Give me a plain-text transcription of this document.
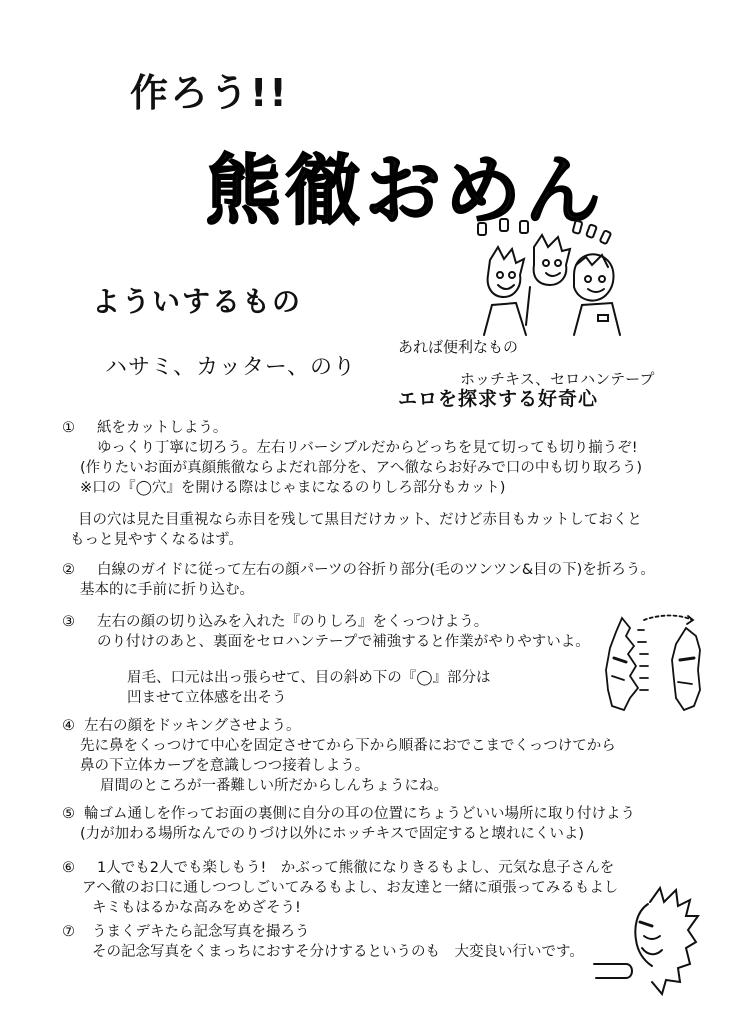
作ろう!!
熊徹おめん
よういするもの
ハサミ、カッター、のり
あれば便利なもの
ホッチキス、セロハンテープ
エロを探求する好奇心
① 紙をカットしよう。
ゆっくり丁寧に切ろう。左右リバーシブルだからどっちを見て切っても切り揃うぞ!
(作りたいお面が真顔熊徹ならよだれ部分を、アへ徹ならお好みで口の中も切り取ろう)
※口の『◯穴』を開ける際はじゃまになるのりしろ部分もカット)
目の穴は見た目重視なら赤目を残して黒目だけカット、だけど赤目もカットしておくと
もっと見やすくなるはず。
② 白線のガイドに従って左右の顔パーツの谷折り部分(毛のツンツン&目の下)を折ろう。
基本的に手前に折り込む。
③ 左右の顔の切り込みを入れた『のりしろ』をくっつけよう。
のり付けのあと、裏面をセロハンテープで補強すると作業がやりやすいよ。
眉毛、口元は出っ張らせて、目の斜め下の『◯』部分は
凹ませて立体感を出そう
④ 左右の顔をドッキングさせよう。
先に鼻をくっつけて中心を固定させてから下から順番におでこまでくっつけてから
鼻の下立体カーブを意識しつつ接着しよう。
眉間のところが一番難しい所だからしんちょうにね。
⑤ 輪ゴム通しを作ってお面の裏側に自分の耳の位置にちょうどいい場所に取り付けよう
(力が加わる場所なんでのりづけ以外にホッチキスで固定すると壊れにくいよ)
⑥ 1人でも2人でも楽しもう!　かぶって熊徹になりきるもよし、元気な息子さんを
アへ徹のお口に通しつつしごいてみるもよし、お友達と一緒に頑張ってみるもよし
キミもはるかな高みをめざそう!
⑦ うまくデキたら記念写真を撮ろう
その記念写真をくまっちにおすそ分けするというのも　大変良い行いです。
